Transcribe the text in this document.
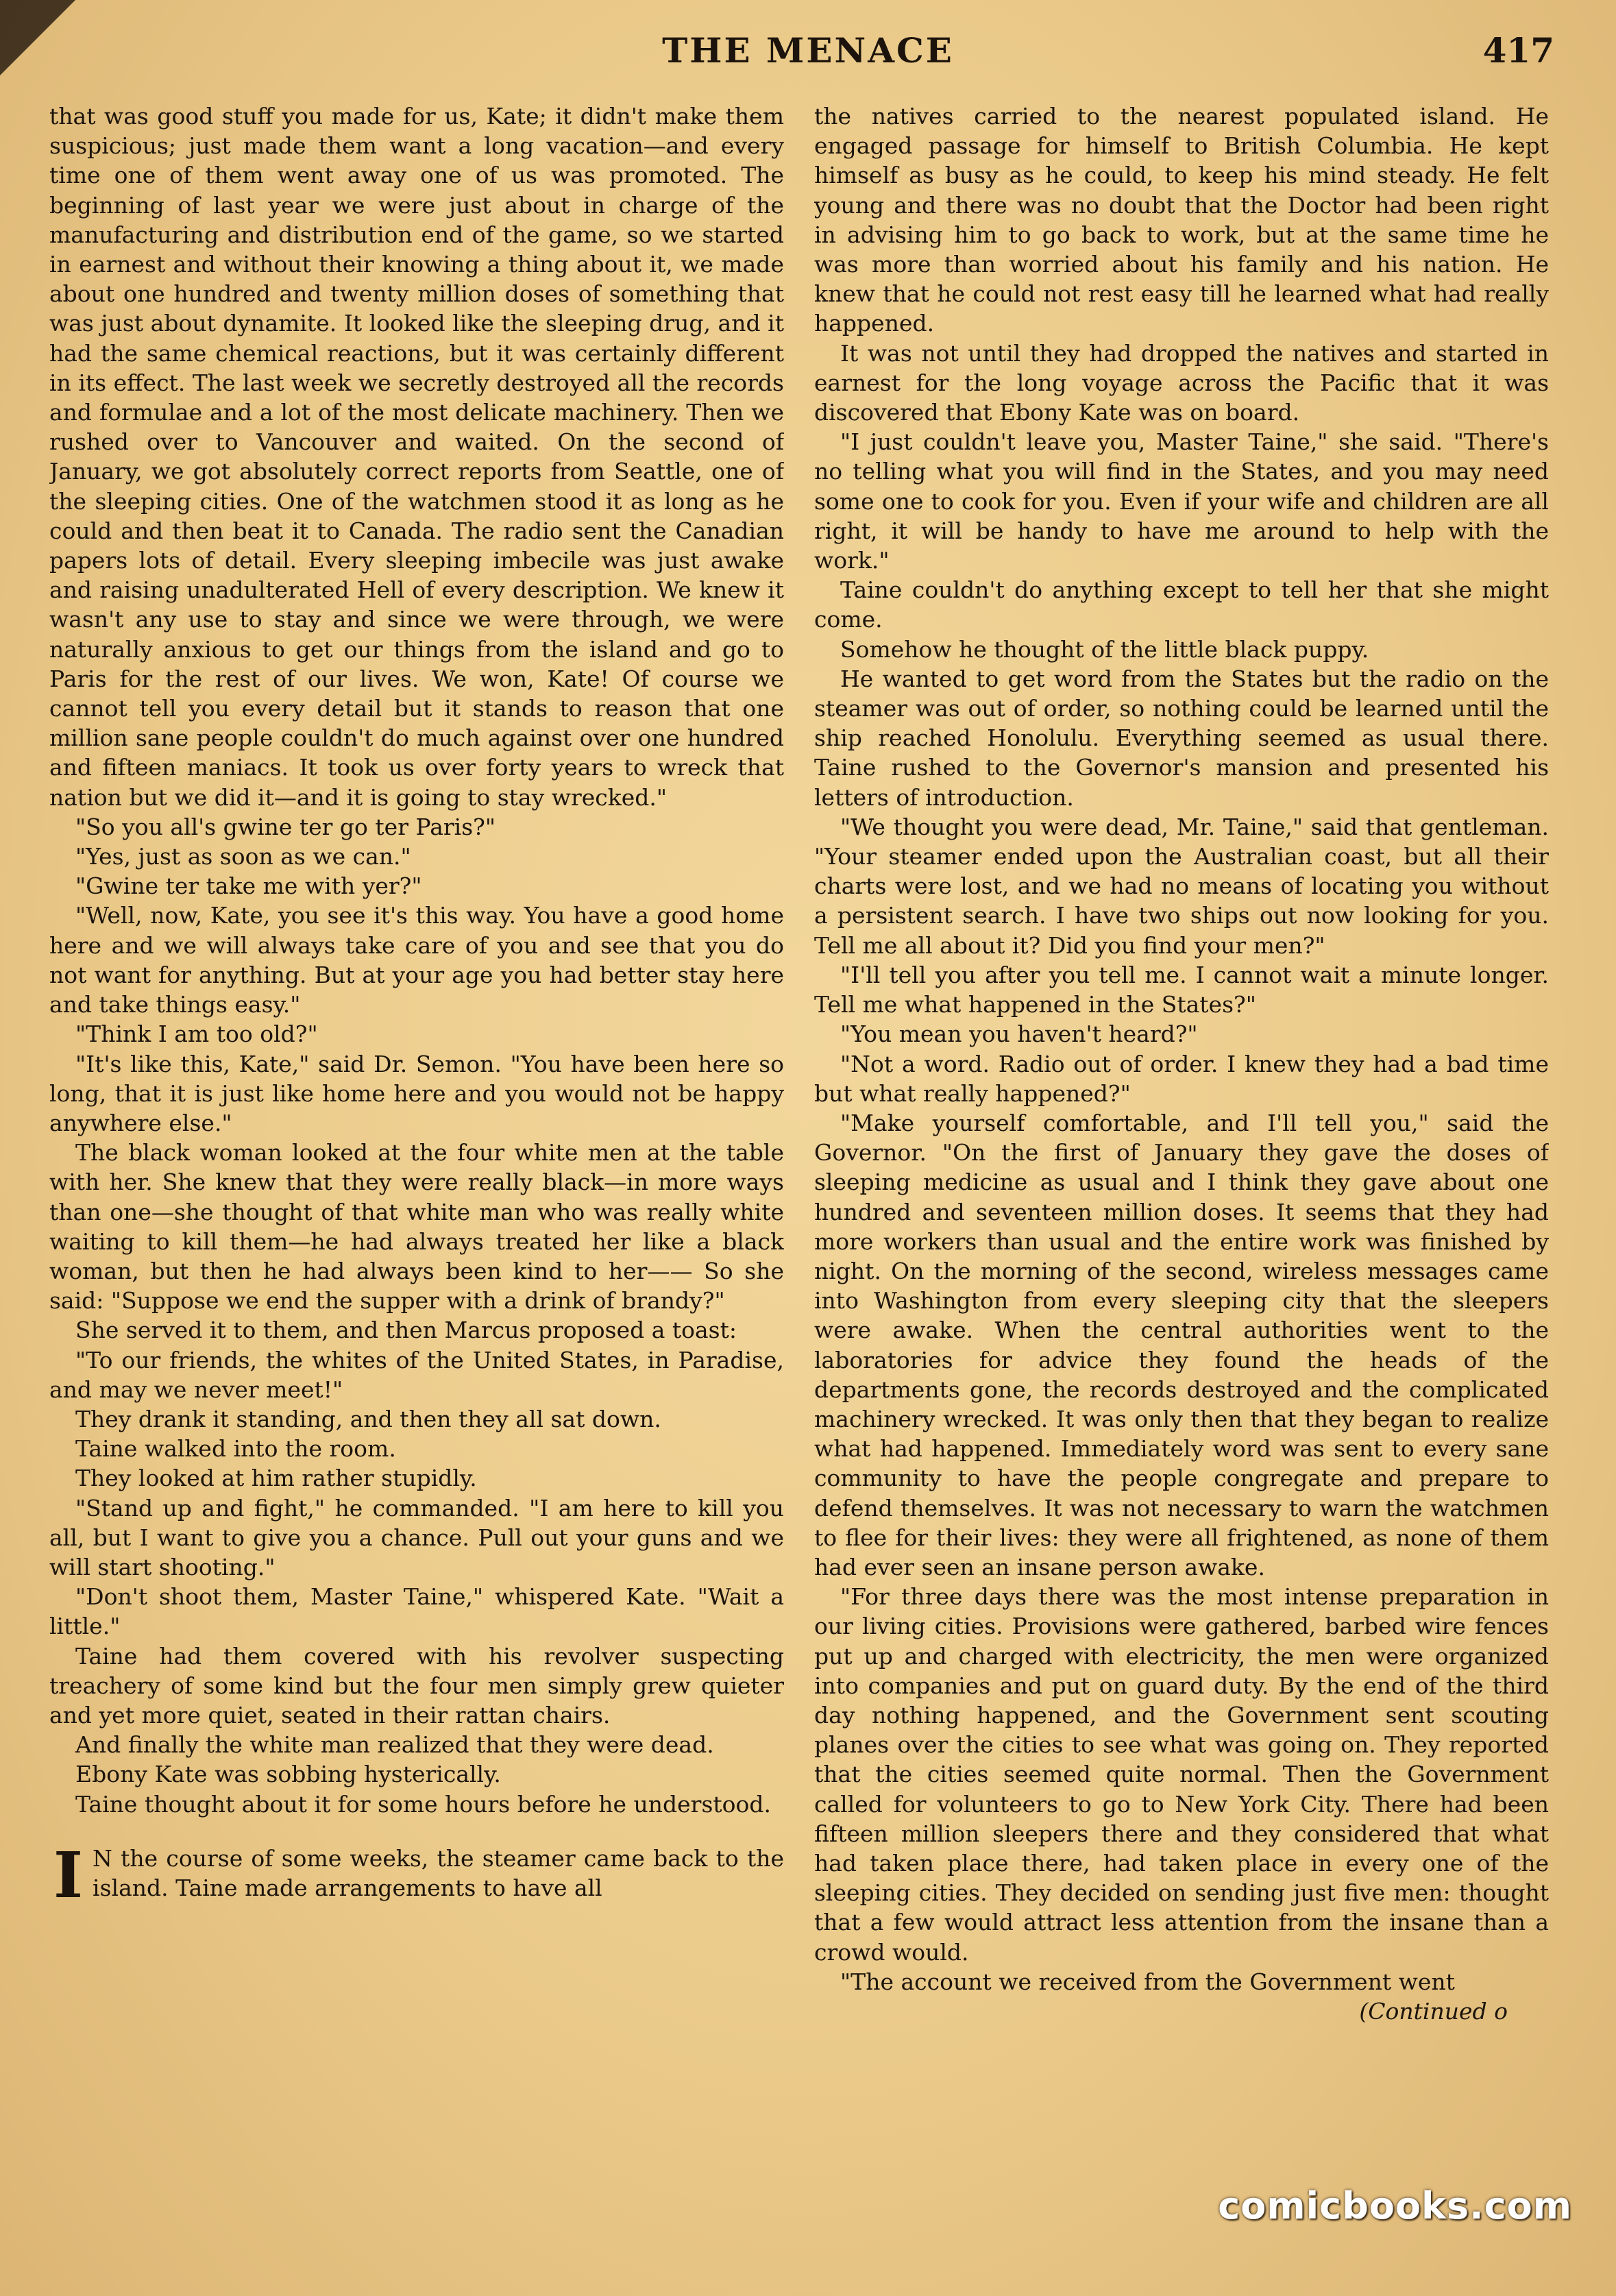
THE MENACE	417

that was good stuff you made for us, Kate; it didn't make them suspicious; just made them want a long vacation—and every time one of them went away one of us was promoted. The beginning of last year we were just about in charge of the manufacturing and distribution end of the game, so we started in earnest and without their knowing a thing about it, we made about one hundred and twenty million doses of something that was just about dynamite. It looked like the sleeping drug, and it had the same chemical reactions, but it was certainly different in its effect. The last week we secretly destroyed all the records and formulae and a lot of the most delicate machinery. Then we rushed over to Vancouver and waited. On the second of January, we got absolutely correct reports from Seattle, one of the sleeping cities. One of the watchmen stood it as long as he could and then beat it to Canada. The radio sent the Canadian papers lots of detail. Every sleeping imbecile was just awake and raising unadulterated Hell of every description. We knew it wasn't any use to stay and since we were through, we were naturally anxious to get our things from the island and go to Paris for the rest of our lives. We won, Kate! Of course we cannot tell you every detail but it stands to reason that one million sane people couldn't do much against over one hundred and fifteen maniacs. It took us over forty years to wreck that nation but we did it—and it is going to stay wrecked."

"So you all's gwine ter go ter Paris?"

"Yes, just as soon as we can."

"Gwine ter take me with yer?"

"Well, now, Kate, you see it's this way. You have a good home here and we will always take care of you and see that you do not want for anything. But at your age you had better stay here and take things easy."

"Think I am too old?"

"It's like this, Kate," said Dr. Semon. "You have been here so long, that it is just like home here and you would not be happy anywhere else."

The black woman looked at the four white men at the table with her. She knew that they were really black—in more ways than one—she thought of that white man who was really white waiting to kill them—he had always treated her like a black woman, but then he had always been kind to her—— So she said: "Suppose we end the supper with a drink of brandy?"

She served it to them, and then Marcus proposed a toast:

"To our friends, the whites of the United States, in Paradise, and may we never meet!"

They drank it standing, and then they all sat down.

Taine walked into the room.

They looked at him rather stupidly.

"Stand up and fight," he commanded. "I am here to kill you all, but I want to give you a chance. Pull out your guns and we will start shooting."

"Don't shoot them, Master Taine," whispered Kate. "Wait a little."

Taine had them covered with his revolver suspecting treachery of some kind but the four men simply grew quieter and yet more quiet, seated in their rattan chairs.

And finally the white man realized that they were dead.

Ebony Kate was sobbing hysterically.

Taine thought about it for some hours before he understood.

I N the course of some weeks, the steamer came back to the island. Taine made arrangements to have all

the natives carried to the nearest populated island. He engaged passage for himself to British Columbia. He kept himself as busy as he could, to keep his mind steady. He felt young and there was no doubt that the Doctor had been right in advising him to go back to work, but at the same time he was more than worried about his family and his nation. He knew that he could not rest easy till he learned what had really happened.

It was not until they had dropped the natives and started in earnest for the long voyage across the Pacific that it was discovered that Ebony Kate was on board.

"I just couldn't leave you, Master Taine," she said. "There's no telling what you will find in the States, and you may need some one to cook for you. Even if your wife and children are all right, it will be handy to have me around to help with the work."

Taine couldn't do anything except to tell her that she might come.

Somehow he thought of the little black puppy.

He wanted to get word from the States but the radio on the steamer was out of order, so nothing could be learned until the ship reached Honolulu. Everything seemed as usual there. Taine rushed to the Governor's mansion and presented his letters of introduction.

"We thought you were dead, Mr. Taine," said that gentleman. "Your steamer ended upon the Australian coast, but all their charts were lost, and we had no means of locating you without a persistent search. I have two ships out now looking for you. Tell me all about it? Did you find your men?"

"I'll tell you after you tell me. I cannot wait a minute longer. Tell me what happened in the States?"

"You mean you haven't heard?"

"Not a word. Radio out of order. I knew they had a bad time but what really happened?"

"Make yourself comfortable, and I'll tell you," said the Governor. "On the first of January they gave the doses of sleeping medicine as usual and I think they gave about one hundred and seventeen million doses. It seems that they had more workers than usual and the entire work was finished by night. On the morning of the second, wireless messages came into Washington from every sleeping city that the sleepers were awake. When the central authorities went to the laboratories for advice they found the heads of the departments gone, the records destroyed and the complicated machinery wrecked. It was only then that they began to realize what had happened. Immediately word was sent to every sane community to have the people congregate and prepare to defend themselves. It was not necessary to warn the watchmen to flee for their lives: they were all frightened, as none of them had ever seen an insane person awake.

"For three days there was the most intense preparation in our living cities. Provisions were gathered, barbed wire fences put up and charged with electricity, the men were organized into companies and put on guard duty. By the end of the third day nothing happened, and the Government sent scouting planes over the cities to see what was going on. They reported that the cities seemed quite normal. Then the Government called for volunteers to go to New York City. There had been fifteen million sleepers there and they considered that what had taken place there, had taken place in every one of the sleeping cities. They decided on sending just five men: thought that a few would attract less attention from the insane than a crowd would.

"The account we received from the Government went

(Continued o

comicbooks.com
